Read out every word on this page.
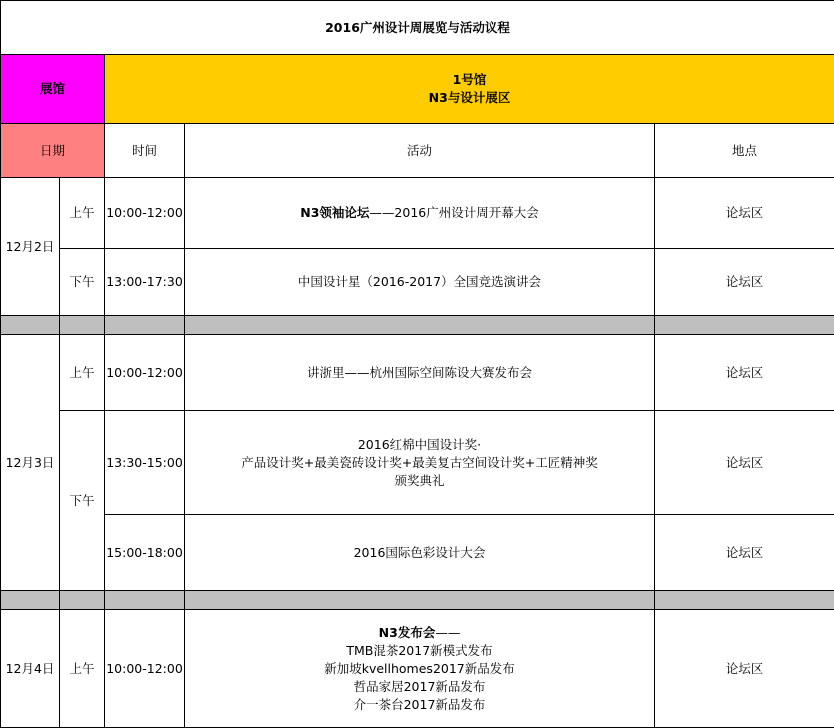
2016广州设计周展览与活动议程				
展馆		1号馆
N3与设计展区		

日期		时间	活动	地点
12月2日	上午	10:00-12:00	N3领袖论坛——2016广州设计周开幕大会	论坛区
	下午	13:00-17:30	中国设计星（2016-2017）全国竞选演讲会	论坛区

12月3日	上午	10:00-12:00	讲浙里——杭州国际空间陈设大赛发布会	论坛区
	下午	13:30-15:00	2016红棉中国设计奖·
产品设计奖+最美瓷砖设计奖+最美复古空间设计奖+工匠精神奖
颁奖典礼	论坛区
		15:00-18:00	2016国际色彩设计大会	论坛区

12月4日	上午	10:00-12:00	N3发布会——
TMB混茶2017新模式发布
新加坡kvellhomes2017新品发布
哲品家居2017新品发布
介一茶台2017新品发布	论坛区
